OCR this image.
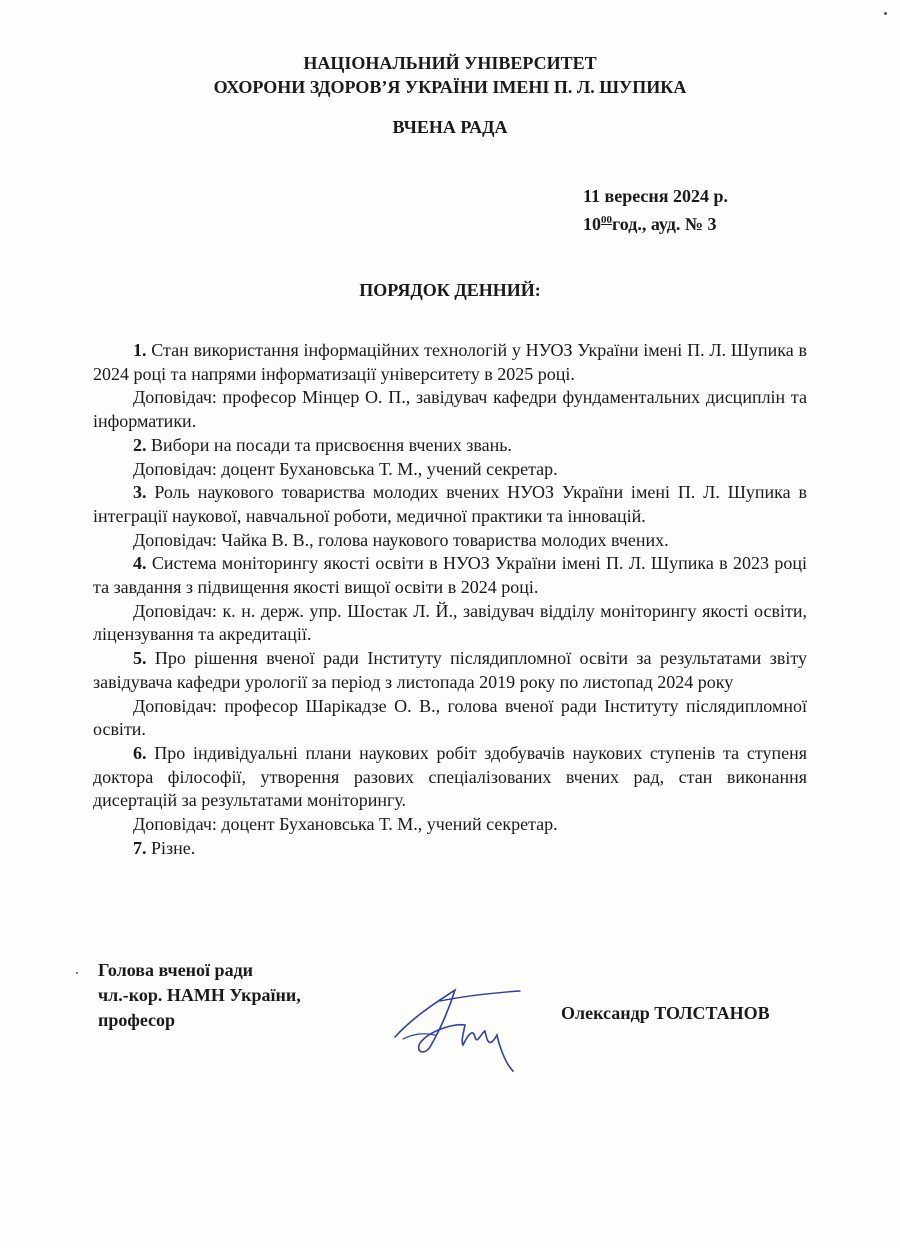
НАЦІОНАЛЬНИЙ УНІВЕРСИТЕТ
ОХОРОНИ ЗДОРОВ’Я УКРАЇНИ ІМЕНІ П. Л. ШУПИКА
ВЧЕНА РАДА
11 вересня 2024 р.
$10^{00}год$., ауд. № 3
ПОРЯДОК ДЕННИЙ:

1. Стан використання інформаційних технологій у НУОЗ України імені П. Л. Шупика в 2024 році та напрями інформатизації університету в 2025 році.

Доповідач: професор Мінцер О. П., завідувач кафедри фундаментальних дисциплін та інформатики.

2. Вибори на посади та присвоєння вчених звань.

Доповідач: доцент Бухановська Т. М., учений секретар.

3. Роль наукового товариства молодих вчених НУОЗ України імені П. Л. Шупика в інтеграції наукової, навчальної роботи, медичної практики та інновацій.

Доповідач: Чайка В. В., голова наукового товариства молодих вчених.

4. Система моніторингу якості освіти в НУОЗ України імені П. Л. Шупика в 2023 році та завдання з підвищення якості вищої освіти в 2024 році.

Доповідач: к. н. держ. упр. Шостак Л. Й., завідувач відділу моніторингу якості освіти, ліцензування та акредитації.

5. Про рішення вченої ради Інституту післядипломної освіти за результатами звіту завідувача кафедри урології за період з листопада 2019 року по листопад 2024 року

Доповідач: професор Шарікадзе О. В., голова вченої ради Інституту післядипломної освіти.

6. Про індивідуальні плани наукових робіт здобувачів наукових ступенів та ступеня доктора філософії, утворення разових спеціалізованих вчених рад, стан виконання дисертацій за результатами моніторингу.

Доповідач: доцент Бухановська Т. М., учений секретар.

7. Різне.

Голова вченої ради
чл.-кор. НАМН України,
професор	Олександр ТОЛСТАНОВ
